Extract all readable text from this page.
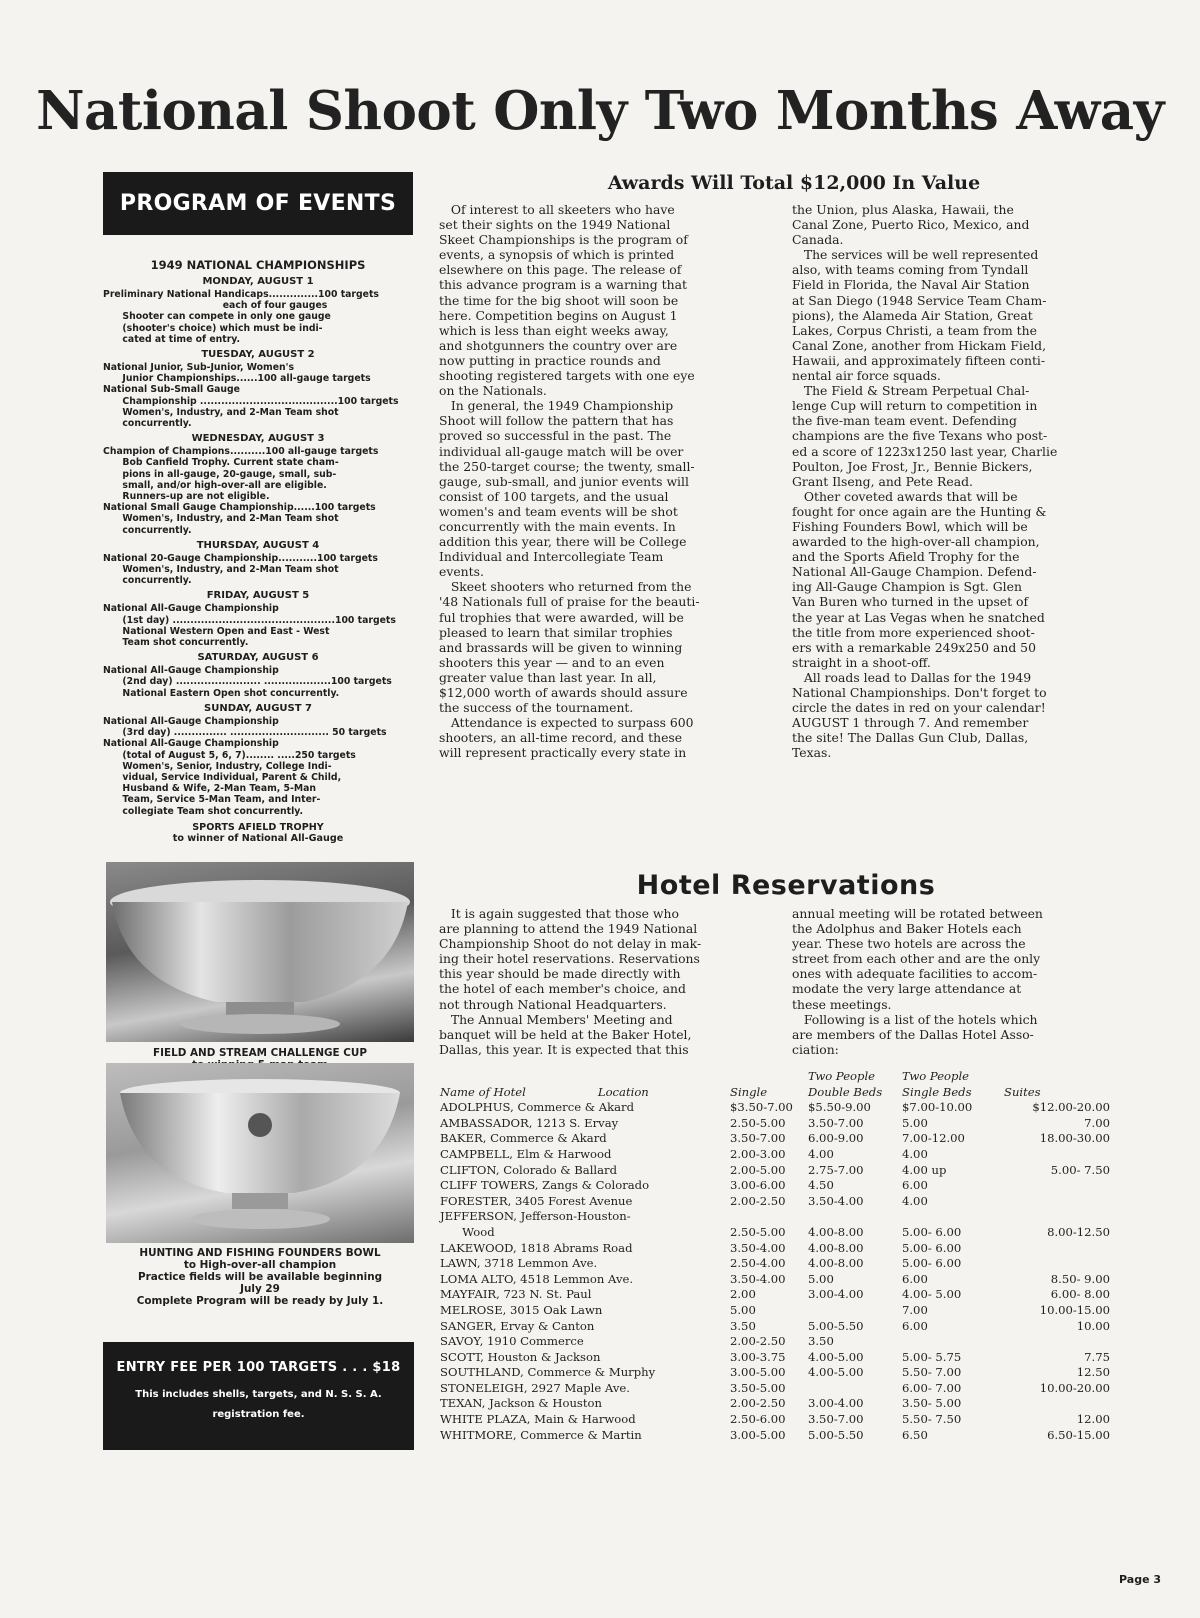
National Shoot Only Two Months Away
PROGRAM OF EVENTS
1949 NATIONAL CHAMPIONSHIPS
MONDAY, AUGUST 1
Preliminary National Handicaps..............100 targets
each of four gauges
Shooter can compete in only one gauge
(shooter's choice) which must be indi-
cated at time of entry.
TUESDAY, AUGUST 2
National Junior, Sub-Junior, Women's
Junior Championships......100 all-gauge targets
National Sub-Small Gauge
Championship .......................................100 targets
Women's, Industry, and 2-Man Team shot
concurrently.
WEDNESDAY, AUGUST 3
Champion of Champions..........100 all-gauge targets
Bob Canfield Trophy. Current state cham-
pions in all-gauge, 20-gauge, small, sub-
small, and/or high-over-all are eligible.
Runners-up are not eligible.
National Small Gauge Championship......100 targets
Women's, Industry, and 2-Man Team shot
concurrently.
THURSDAY, AUGUST 4
National 20-Gauge Championship...........100 targets
Women's, Industry, and 2-Man Team shot
concurrently.
FRIDAY, AUGUST 5
National All-Gauge Championship
(1st day) ..............................................100 targets
National Western Open and East - West
Team shot concurrently.
SATURDAY, AUGUST 6
National All-Gauge Championship
(2nd day) ........................ ...................100 targets
National Eastern Open shot concurrently.
SUNDAY, AUGUST 7
National All-Gauge Championship
(3rd day) ............... ............................ 50 targets
National All-Gauge Championship
(total of August 5, 6, 7)........ .....250 targets
Women's, Senior, Industry, College Indi-
vidual, Service Individual, Parent & Child,
Husband & Wife, 2-Man Team, 5-Man
Team, Service 5-Man Team, and Inter-
collegiate Team shot concurrently.
SPORTS AFIELD TROPHY
to winner of National All-Gauge
FIELD AND STREAM CHALLENGE CUP

HUNTING AND FISHING FOUNDERS BOWL
to High-over-all champion
Practice fields will be available beginning
July 29
Complete Program will be ready by July 1.
ENTRY FEE PER 100 TARGETS . . . $18
This includes shells, targets, and N. S. S. A.
registration fee.
Awards Will Total $12,000 In Value
Of interest to all skeeters who have
set their sights on the 1949 National
Skeet Championships is the program of
events, a synopsis of which is printed
elsewhere on this page. The release of
this advance program is a warning that
the time for the big shoot will soon be
here. Competition begins on August 1
which is less than eight weeks away,
and shotgunners the country over are
now putting in practice rounds and
shooting registered targets with one eye
on the Nationals.
In general, the 1949 Championship
Shoot will follow the pattern that has
proved so successful in the past. The
individual all-gauge match will be over
the 250-target course; the twenty, small-
gauge, sub-small, and junior events will
consist of 100 targets, and the usual
women's and team events will be shot
concurrently with the main events. In
addition this year, there will be College
Individual and Intercollegiate Team
events.
Skeet shooters who returned from the
'48 Nationals full of praise for the beauti-
ful trophies that were awarded, will be
pleased to learn that similar trophies
and brassards will be given to winning
shooters this year — and to an even
greater value than last year. In all,
$12,000 worth of awards should assure
the success of the tournament.
Attendance is expected to surpass 600
shooters, an all-time record, and these
will represent practically every state in
the Union, plus Alaska, Hawaii, the
Canal Zone, Puerto Rico, Mexico, and
Canada.
The services will be well represented
also, with teams coming from Tyndall
Field in Florida, the Naval Air Station
at San Diego (1948 Service Team Cham-
pions), the Alameda Air Station, Great
Lakes, Corpus Christi, a team from the
Canal Zone, another from Hickam Field,
Hawaii, and approximately fifteen conti-
nental air force squads.
The Field & Stream Perpetual Chal-
lenge Cup will return to competition in
the five-man team event. Defending
champions are the five Texans who post-
ed a score of 1223x1250 last year, Charlie
Poulton, Joe Frost, Jr., Bennie Bickers,
Grant Ilseng, and Pete Read.
Other coveted awards that will be
fought for once again are the Hunting &
Fishing Founders Bowl, which will be
awarded to the high-over-all champion,
and the Sports Afield Trophy for the
National All-Gauge Champion. Defend-
ing All-Gauge Champion is Sgt. Glen
Van Buren who turned in the upset of
the year at Las Vegas when he snatched
the title from more experienced shoot-
ers with a remarkable 249x250 and 50
straight in a shoot-off.
All roads lead to Dallas for the 1949
National Championships. Don't forget to
circle the dates in red on your calendar!
AUGUST 1 through 7. And remember
the site! The Dallas Gun Club, Dallas,
Texas.
Hotel Reservations
It is again suggested that those who
are planning to attend the 1949 National
Championship Shoot do not delay in mak-
ing their hotel reservations. Reservations
this year should be made directly with
the hotel of each member's choice, and
not through National Headquarters.
The Annual Members' Meeting and
banquet will be held at the Baker Hotel,
Dallas, this year. It is expected that this
annual meeting will be rotated between
the Adolphus and Baker Hotels each
year. These two hotels are across the
street from each other and are the only
ones with adequate facilities to accom-
modate the very large attendance at
these meetings.
Following is a list of the hotels which
are members of the Dallas Hotel Asso-
ciation:
		Two People	Two People	
Name of Hotel Location	Single	Double Beds	Single Beds	Suites
ADOLPHUS, Commerce & Akard	$3.50-7.00	$5.50-9.00	$7.00-10.00	$12.00-20.00
AMBASSADOR, 1213 S. Ervay	2.50-5.00	3.50-7.00	5.00	7.00
BAKER, Commerce & Akard	3.50-7.00	6.00-9.00	7.00-12.00	18.00-30.00
CAMPBELL, Elm & Harwood	2.00-3.00	4.00	4.00	
CLIFTON, Colorado & Ballard	2.00-5.00	2.75-7.00	4.00 up	5.00- 7.50
CLIFF TOWERS, Zangs & Colorado	3.00-6.00	4.50	6.00	
FORESTER, 3405 Forest Avenue	2.00-2.50	3.50-4.00	4.00	
JEFFERSON, Jefferson-Houston-				
Wood	2.50-5.00	4.00-8.00	5.00- 6.00	8.00-12.50
LAKEWOOD, 1818 Abrams Road	3.50-4.00	4.00-8.00	5.00- 6.00	
LAWN, 3718 Lemmon Ave.	2.50-4.00	4.00-8.00	5.00- 6.00	
LOMA ALTO, 4518 Lemmon Ave.	3.50-4.00	5.00	6.00	8.50- 9.00
MAYFAIR, 723 N. St. Paul	2.00	3.00-4.00	4.00- 5.00	6.00- 8.00
MELROSE, 3015 Oak Lawn	5.00		7.00	10.00-15.00
SANGER, Ervay & Canton	3.50	5.00-5.50	6.00	10.00
SAVOY, 1910 Commerce	2.00-2.50	3.50		
SCOTT, Houston & Jackson	3.00-3.75	4.00-5.00	5.00- 5.75	7.75
SOUTHLAND, Commerce & Murphy	3.00-5.00	4.00-5.00	5.50- 7.00	12.50
STONELEIGH, 2927 Maple Ave.	3.50-5.00		6.00- 7.00	10.00-20.00
TEXAN, Jackson & Houston	2.00-2.50	3.00-4.00	3.50- 5.00	
WHITE PLAZA, Main & Harwood	2.50-6.00	3.50-7.00	5.50- 7.50	12.00
WHITMORE, Commerce & Martin	3.00-5.00	5.00-5.50	6.50	6.50-15.00
Page 3
